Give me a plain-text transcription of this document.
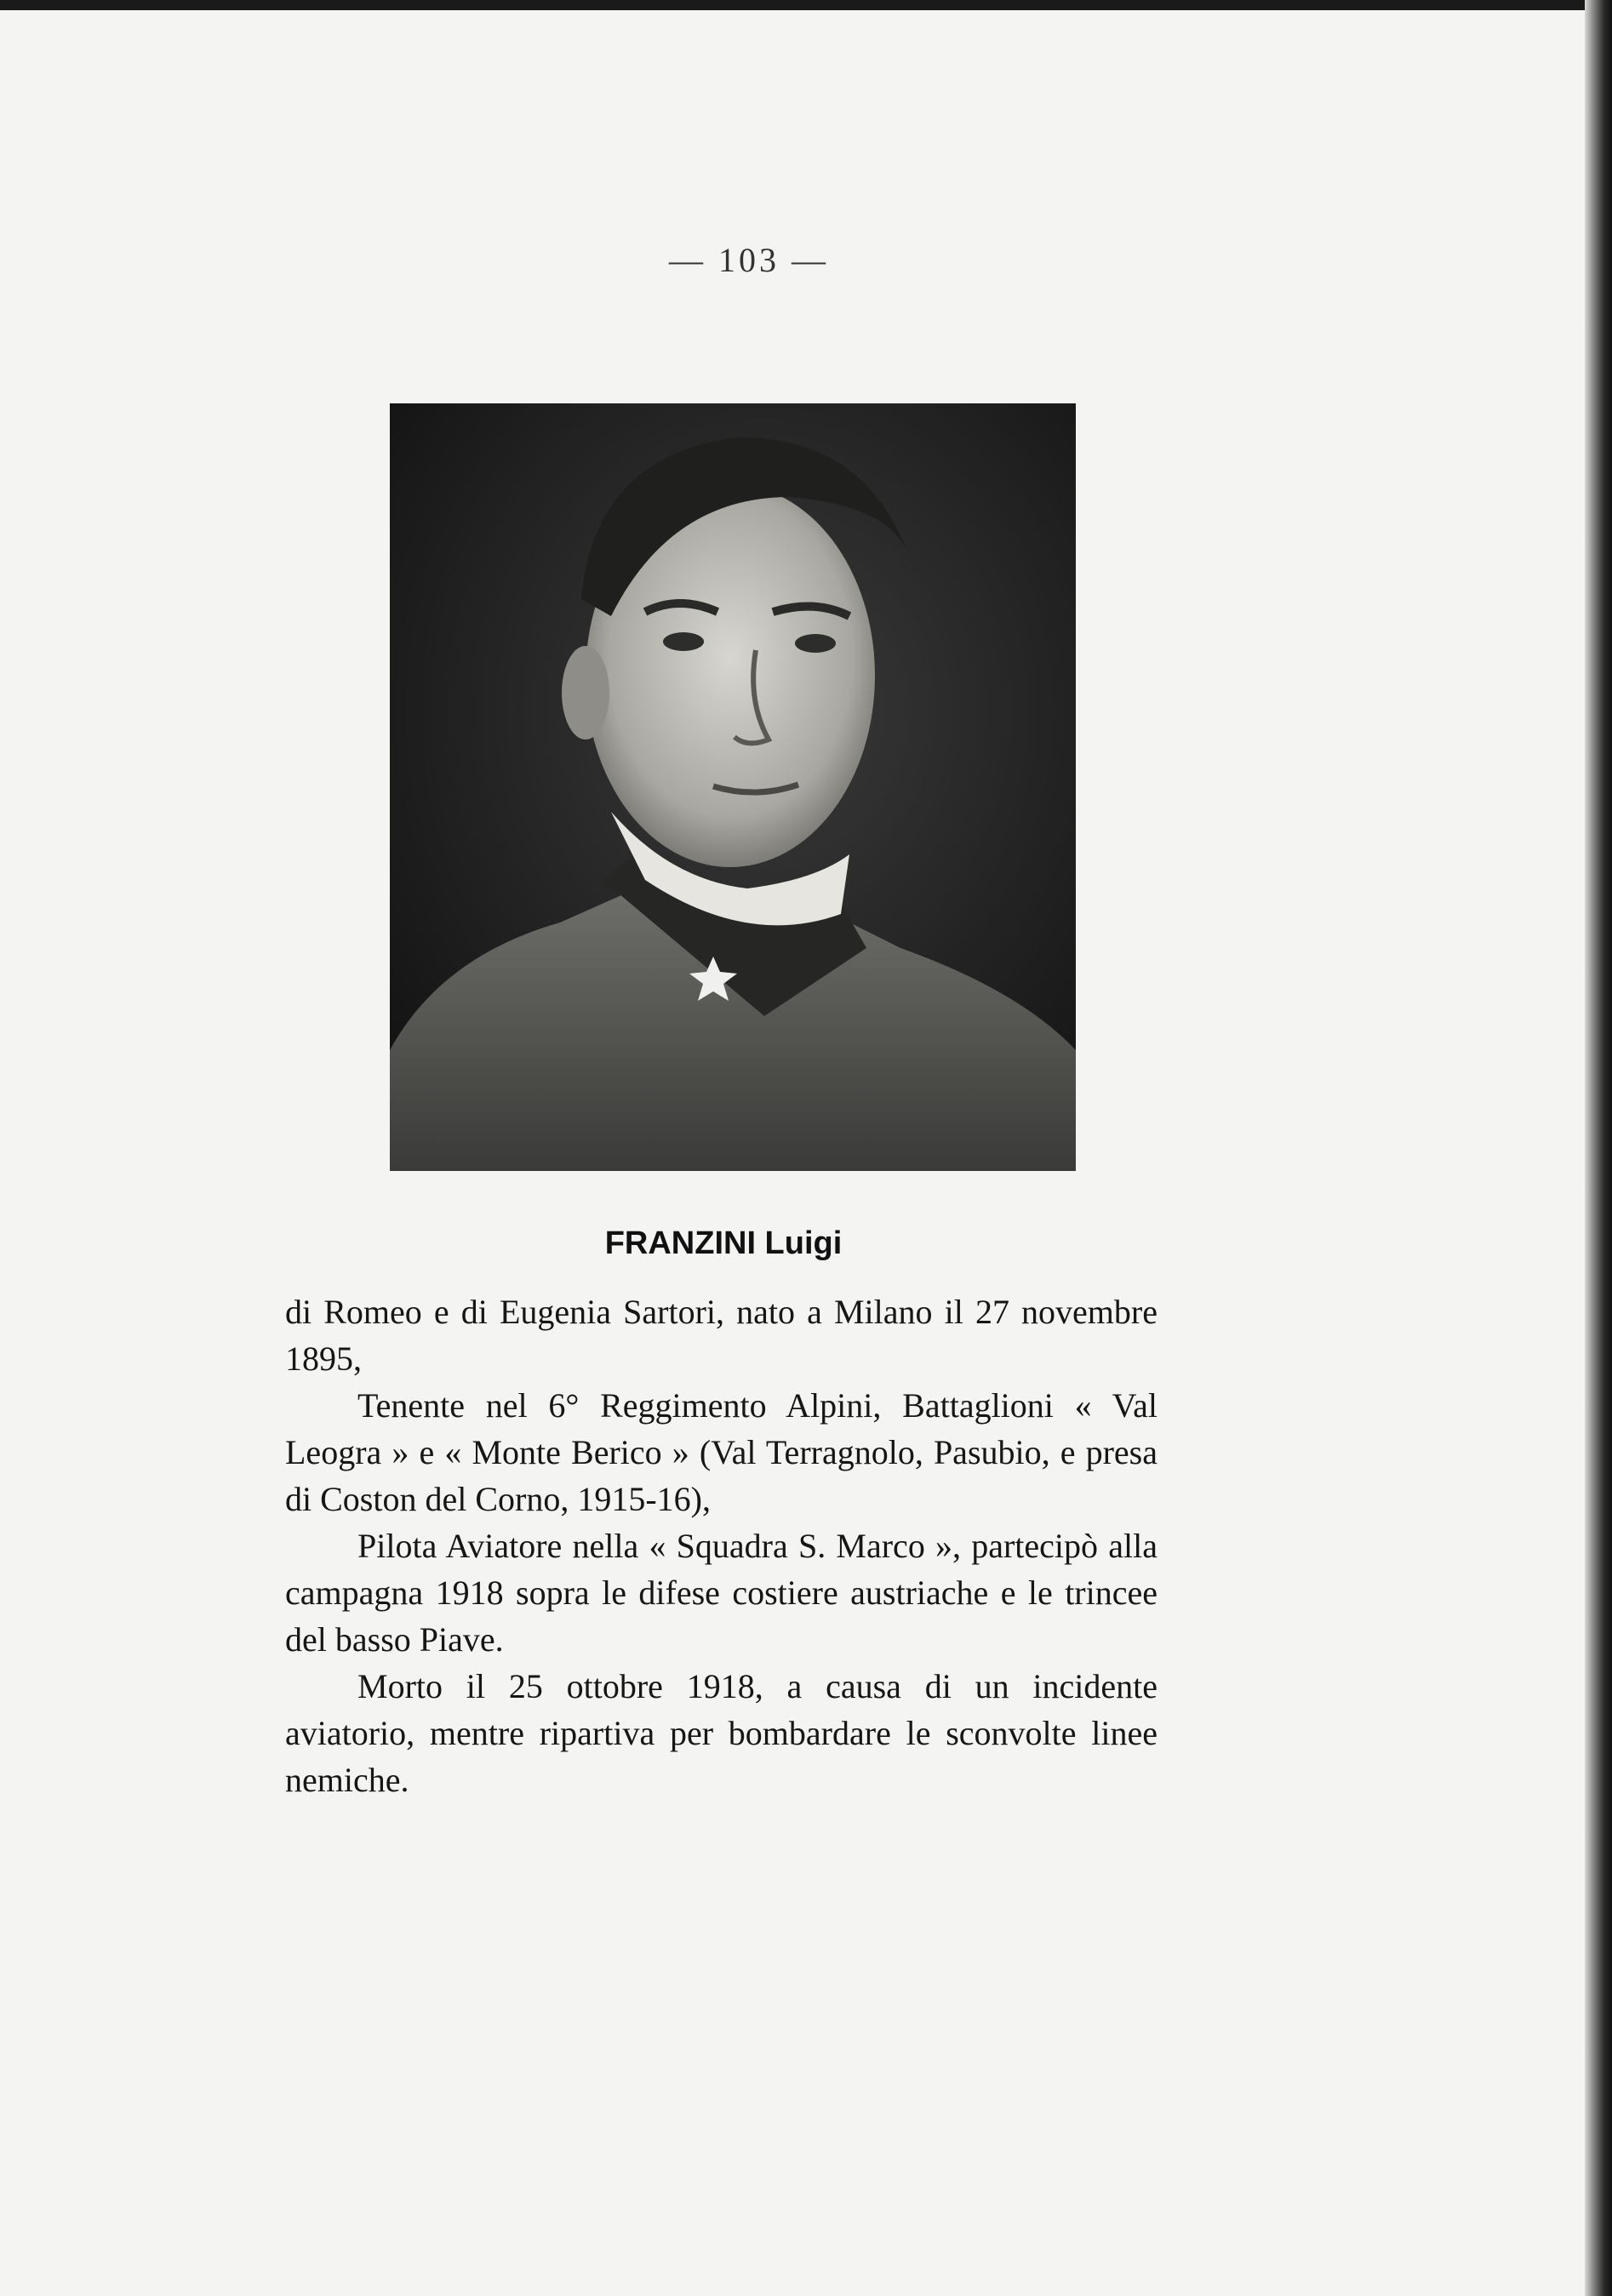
— 103 —
FRANZINI Luigi

di Romeo e di Eugenia Sartori, nato a Milano il 27 novembre 1895,

Tenente nel 6° Reggimento Alpini, Battaglioni « Val Leogra » e « Monte Berico » (Val Terragnolo, Pasubio, e presa di Coston del Corno, 1915-16),

Pilota Aviatore nella « Squadra S. Marco », partecipò alla campagna 1918 sopra le difese costiere austriache e le trincee del basso Piave.

Morto il 25 ottobre 1918, a causa di un incidente aviatorio, mentre ripartiva per bombardare le sconvolte linee nemiche.
